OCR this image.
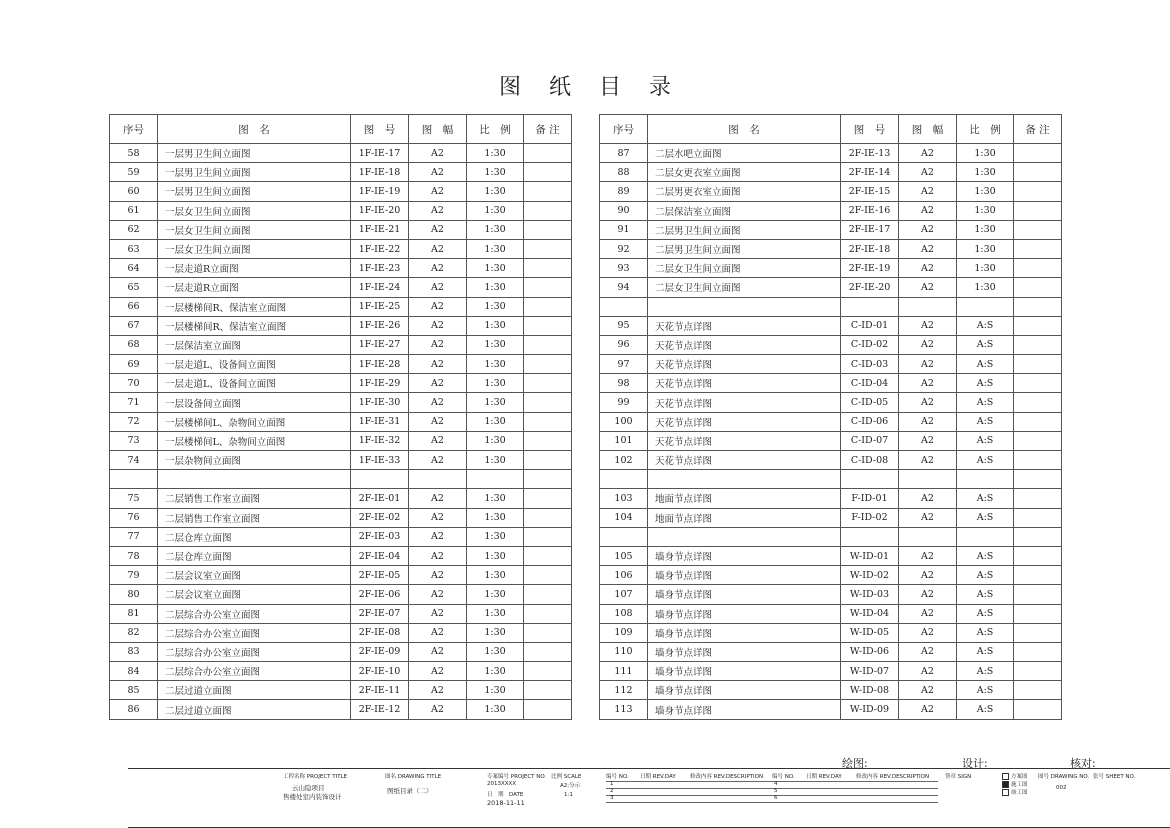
图 纸 目 录
序号	图　名	图　号	图　幅	比　例	备 注
58	一层男卫生间立面图	1F-IE-17	A2	1:30	
59	一层男卫生间立面图	1F-IE-18	A2	1:30	
60	一层男卫生间立面图	1F-IE-19	A2	1:30	
61	一层女卫生间立面图	1F-IE-20	A2	1:30	
62	一层女卫生间立面图	1F-IE-21	A2	1:30	
63	一层女卫生间立面图	1F-IE-22	A2	1:30	
64	一层走道R立面图	1F-IE-23	A2	1:30	
65	一层走道R立面图	1F-IE-24	A2	1:30	
66	一层楼梯间R、保洁室立面图	1F-IE-25	A2	1:30	
67	一层楼梯间R、保洁室立面图	1F-IE-26	A2	1:30	
68	一层保洁室立面图	1F-IE-27	A2	1:30	
69	一层走道L、设备间立面图	1F-IE-28	A2	1:30	
70	一层走道L、设备间立面图	1F-IE-29	A2	1:30	
71	一层设备间立面图	1F-IE-30	A2	1:30	
72	一层楼梯间L、杂物间立面图	1F-IE-31	A2	1:30	
73	一层楼梯间L、杂物间立面图	1F-IE-32	A2	1:30	
74	一层杂物间立面图	1F-IE-33	A2	1:30	

75	二层销售工作室立面图	2F-IE-01	A2	1:30	
76	二层销售工作室立面图	2F-IE-02	A2	1:30	
77	二层仓库立面图	2F-IE-03	A2	1:30	
78	二层仓库立面图	2F-IE-04	A2	1:30	
79	二层会议室立面图	2F-IE-05	A2	1:30	
80	二层会议室立面图	2F-IE-06	A2	1:30	
81	二层综合办公室立面图	2F-IE-07	A2	1:30	
82	二层综合办公室立面图	2F-IE-08	A2	1:30	
83	二层综合办公室立面图	2F-IE-09	A2	1:30	
84	二层综合办公室立面图	2F-IE-10	A2	1:30	
85	二层过道立面图	2F-IE-11	A2	1:30	
86	二层过道立面图	2F-IE-12	A2	1:30	
序号	图　名	图　号	图　幅	比　例	备 注
87	二层水吧立面图	2F-IE-13	A2	1:30	
88	二层女更衣室立面图	2F-IE-14	A2	1:30	
89	二层男更衣室立面图	2F-IE-15	A2	1:30	
90	二层保洁室立面图	2F-IE-16	A2	1:30	
91	二层男卫生间立面图	2F-IE-17	A2	1:30	
92	二层男卫生间立面图	2F-IE-18	A2	1:30	
93	二层女卫生间立面图	2F-IE-19	A2	1:30	
94	二层女卫生间立面图	2F-IE-20	A2	1:30	

95	天花节点详图	C-ID-01	A2	A:S	
96	天花节点详图	C-ID-02	A2	A:S	
97	天花节点详图	C-ID-03	A2	A:S	
98	天花节点详图	C-ID-04	A2	A:S	
99	天花节点详图	C-ID-05	A2	A:S	
100	天花节点详图	C-ID-06	A2	A:S	
101	天花节点详图	C-ID-07	A2	A:S	
102	天花节点详图	C-ID-08	A2	A:S	

103	地面节点详图	F-ID-01	A2	A:S	
104	地面节点详图	F-ID-02	A2	A:S	

105	墙身节点详图	W-ID-01	A2	A:S	
106	墙身节点详图	W-ID-02	A2	A:S	
107	墙身节点详图	W-ID-03	A2	A:S	
108	墙身节点详图	W-ID-04	A2	A:S	
109	墙身节点详图	W-ID-05	A2	A:S	
110	墙身节点详图	W-ID-06	A2	A:S	
111	墙身节点详图	W-ID-07	A2	A:S	
112	墙身节点详图	W-ID-08	A2	A:S	
113	墙身节点详图	W-ID-09	A2	A:S	
绘图:	设计:	核对:
工程名称 PROJECT TITLE
云山隐项目
售楼处室内装饰设计
图名 DRAWING TITLE
图纸目录（二）
专案编号 PROJECT NO.
2013XXXX
比例 SCALE
A2:分示
日　期　DATE	1:1
2018-11-11
编号 NO. 日期 REV.DAY	修改内容 REV.DESCRIPTION 编号 NO. 日期 REV.DAY	修改内容 REV.DESCRIPTION	签章 SIGN
1
2
3
4
5
6
方案图
施工图
竣工图
图号 DRAWING NO. 张号 SHEET NO.
002
